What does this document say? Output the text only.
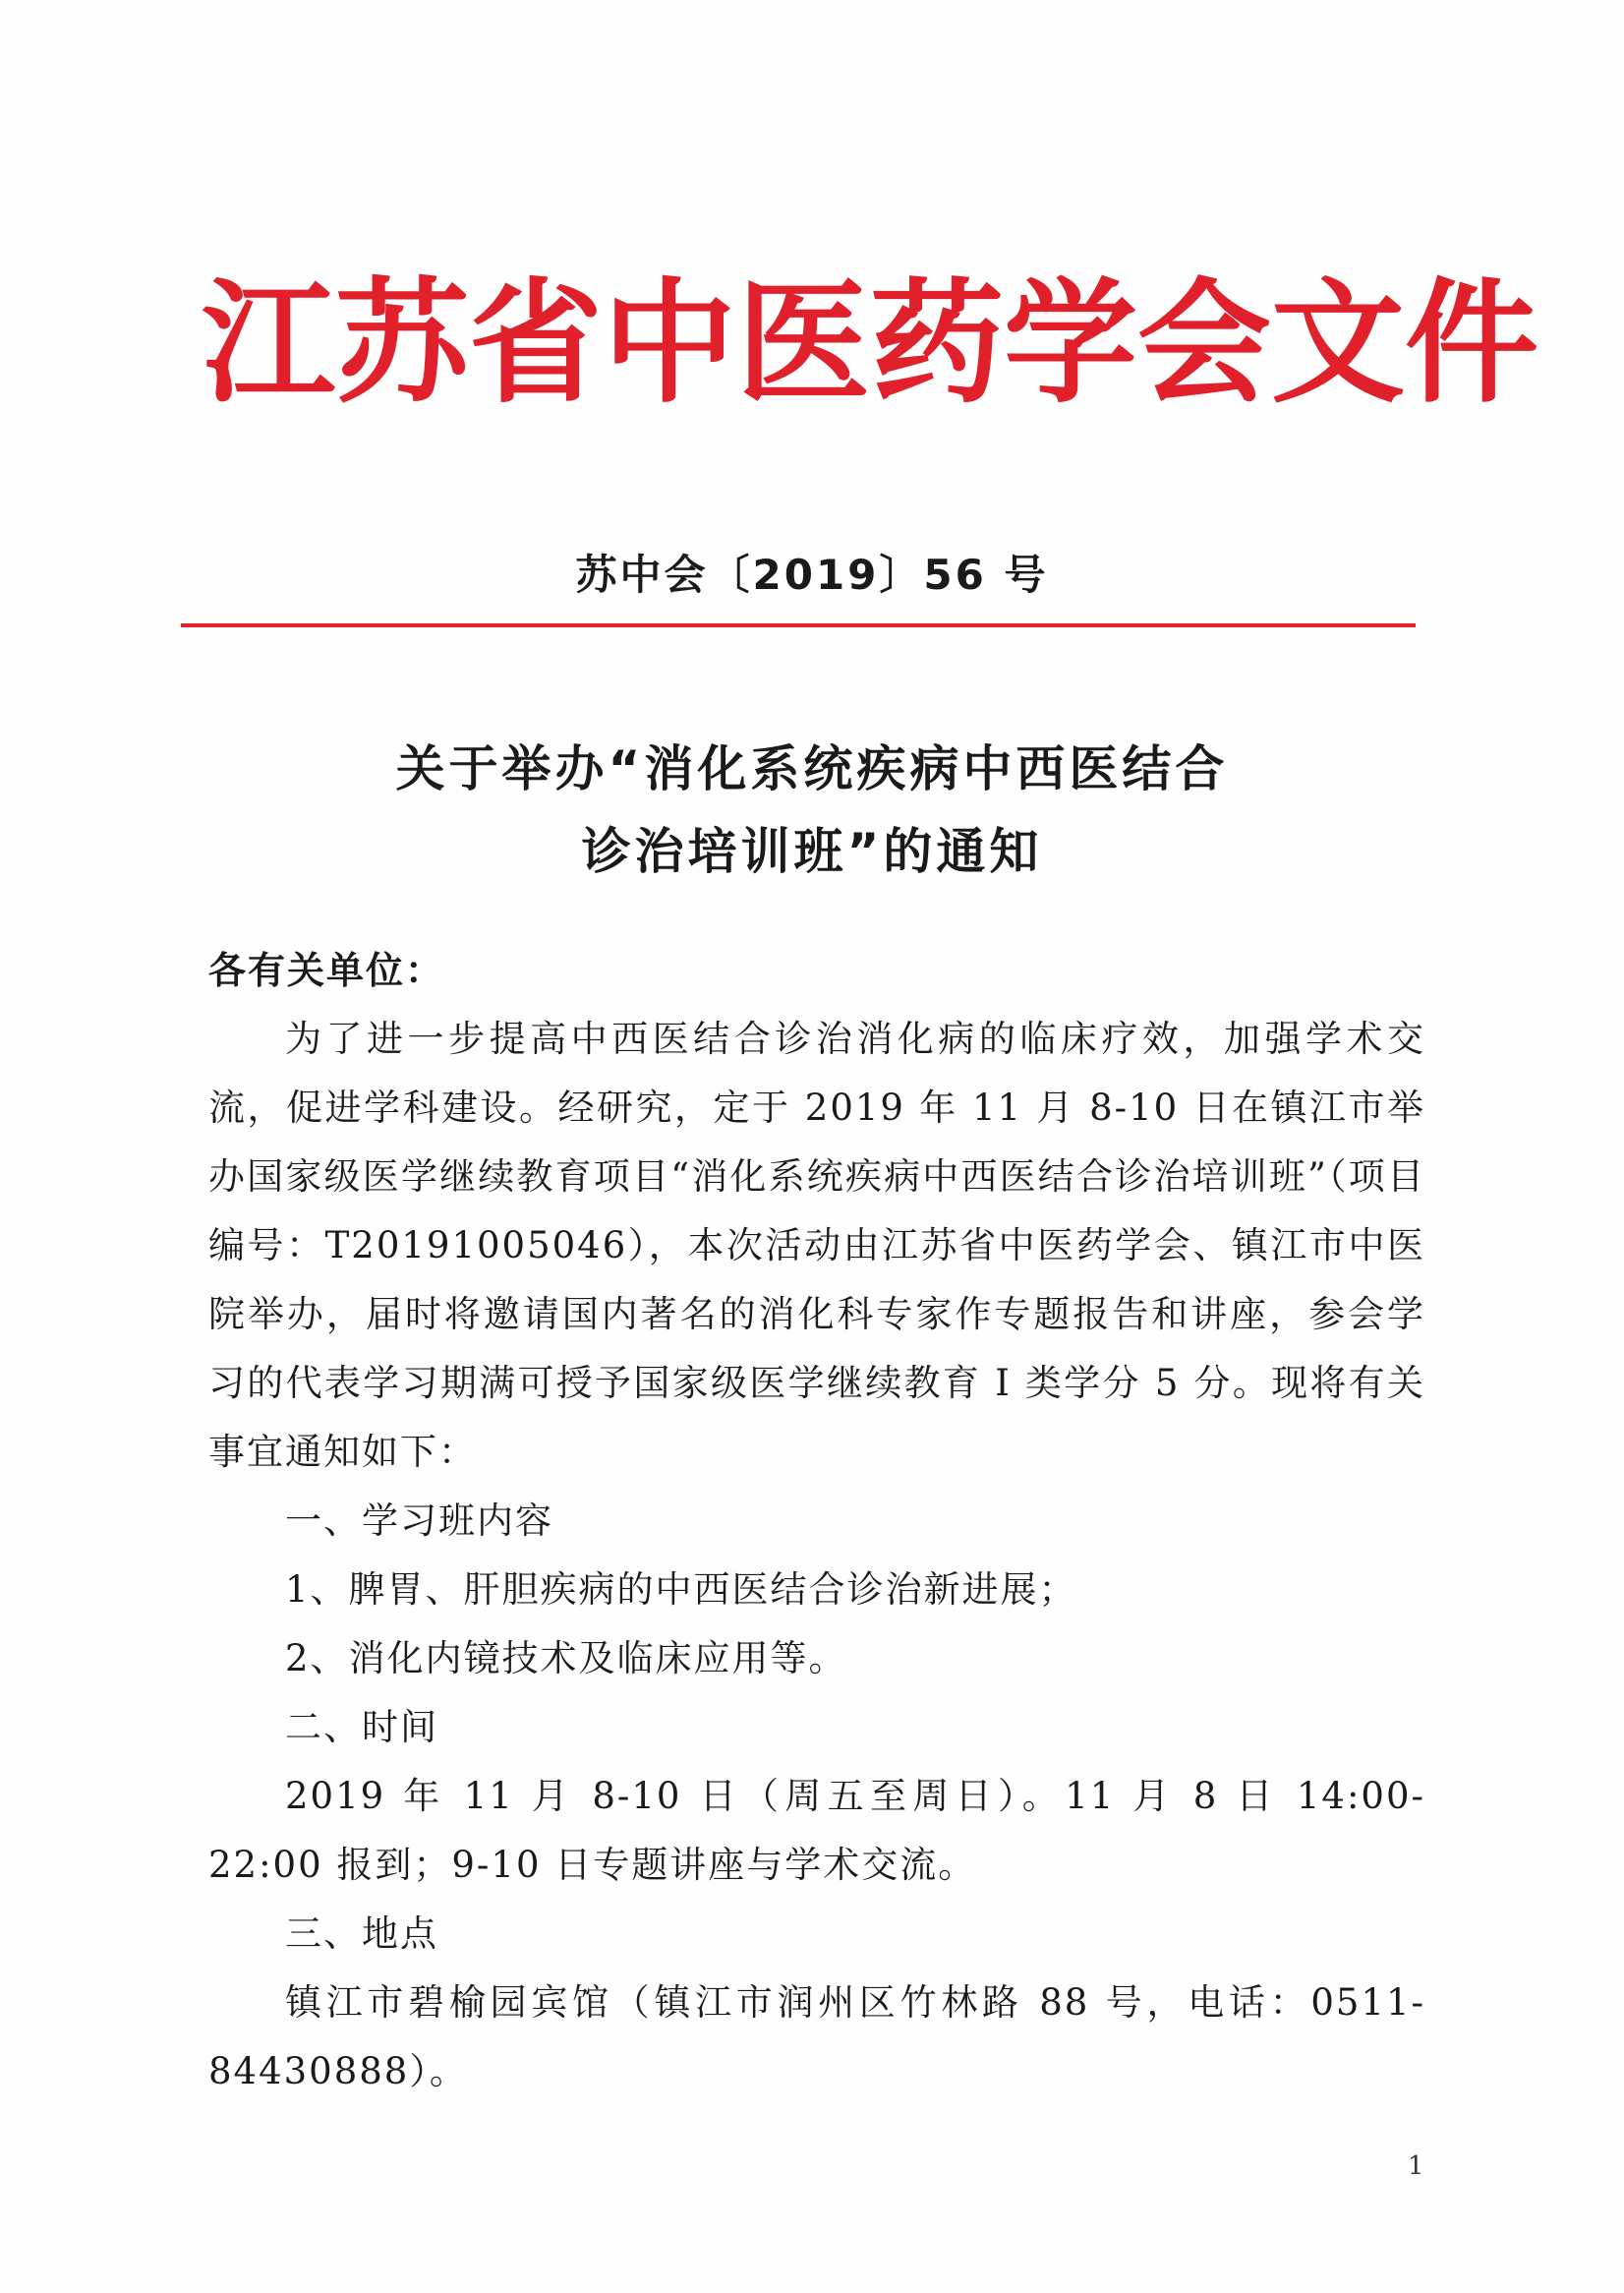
江苏省中医药学会文件
苏中会〔2019〕56 号
关于举办“消化系统疾病中西医结合
诊治培训班”的通知
各有关单位：
为了进一步提高中西医结合诊治消化病的临床疗效，加强学术交流，促进学科建设。经研究，定于 2019 年 11 月 8-10 日在镇江市举办国家级医学继续教育项目“消化系统疾病中西医结合诊治培训班”（项目编号：T20191005046），本次活动由江苏省中医药学会、镇江市中医院举办，届时将邀请国内著名的消化科专家作专题报告和讲座，参会学习的代表学习期满可授予国家级医学继续教育 I 类学分 5 分。现将有关事宜通知如下：
一、学习班内容
1、脾胃、肝胆疾病的中西医结合诊治新进展；
2、消化内镜技术及临床应用等。
二、时间
2019 年 11 月 8-10 日（周五至周日）。11 月 8 日 14:00-22:00 报到；9-10 日专题讲座与学术交流。
三、地点
镇江市碧榆园宾馆（镇江市润州区竹林路 88 号，电话：0511-84430888）。
1
